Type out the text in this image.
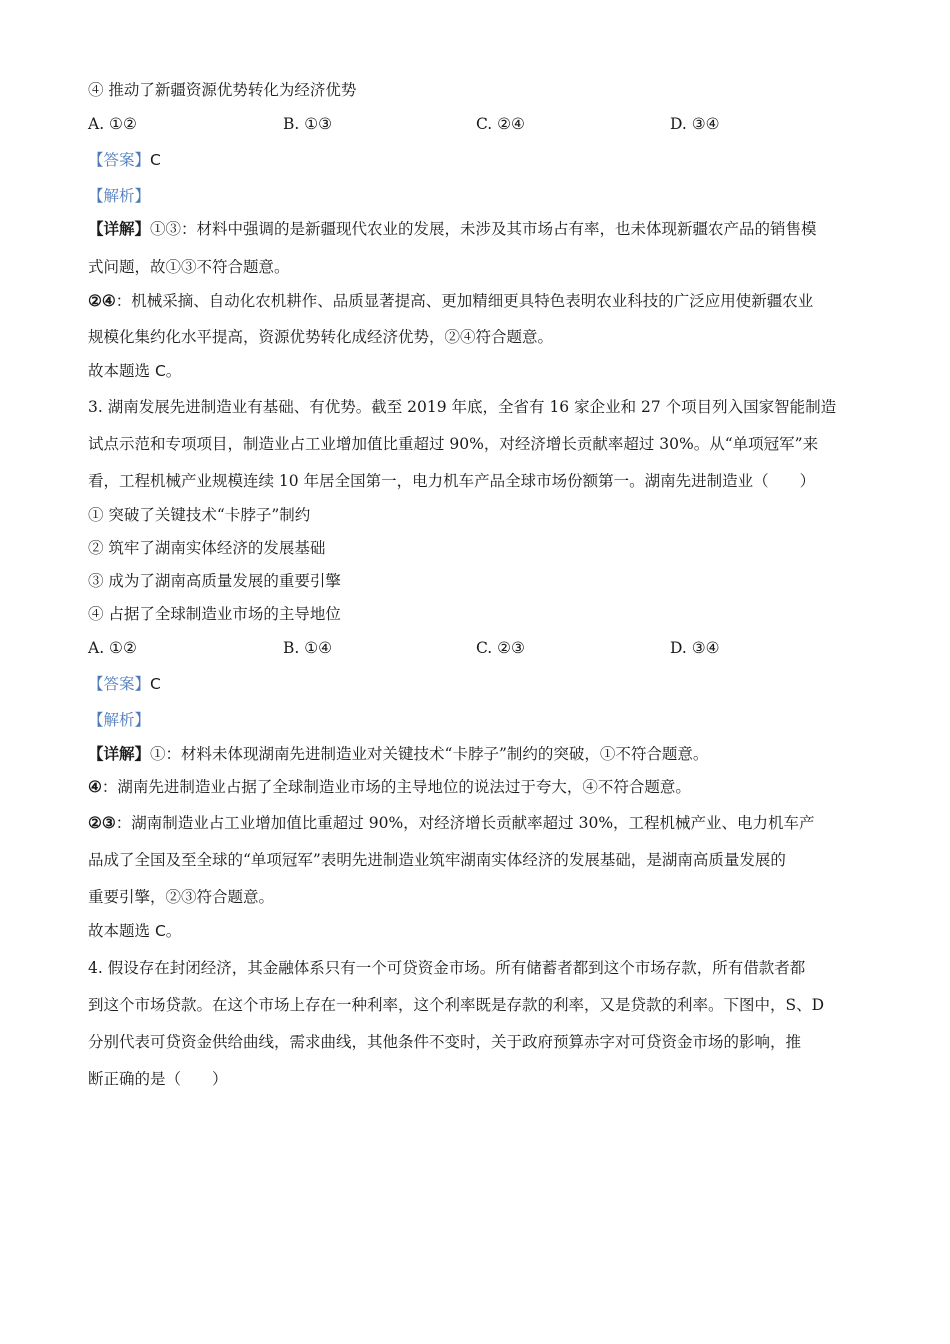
④ 推动了新疆资源优势转化为经济优势
A. ①②	B. ①③	C. ②④	D. ③④
【答案】C
【解析】
【详解】①③：材料中强调的是新疆现代农业的发展，未涉及其市场占有率，也未体现新疆农产品的销售模
式问题，故①③不符合题意。
②④：机械采摘、自动化农机耕作、品质显著提高、更加精细更具特色表明农业科技的广泛应用使新疆农业
规模化集约化水平提高，资源优势转化成经济优势，②④符合题意。
故本题选 C。
3. 湖南发展先进制造业有基础、有优势。截至 2019 年底，全省有 16 家企业和 27 个项目列入国家智能制造
试点示范和专项项目，制造业占工业增加值比重超过 90%，对经济增长贡献率超过 30%。从“单项冠军”来
看，工程机械产业规模连续 10 年居全国第一，电力机车产品全球市场份额第一。湖南先进制造业（　　）
① 突破了关键技术“卡脖子”制约
② 筑牢了湖南实体经济的发展基础
③ 成为了湖南高质量发展的重要引擎
④ 占据了全球制造业市场的主导地位
A. ①②	B. ①④	C. ②③	D. ③④
【答案】C
【解析】
【详解】①：材料未体现湖南先进制造业对关键技术“卡脖子”制约的突破，①不符合题意。
④：湖南先进制造业占据了全球制造业市场的主导地位的说法过于夸大，④不符合题意。
②③：湖南制造业占工业增加值比重超过 90%，对经济增长贡献率超过 30%，工程机械产业、电力机车产
品成了全国及至全球的“单项冠军”表明先进制造业筑牢湖南实体经济的发展基础，是湖南高质量发展的
重要引擎，②③符合题意。
故本题选 C。
4. 假设存在封闭经济，其金融体系只有一个可贷资金市场。所有储蓄者都到这个市场存款，所有借款者都
到这个市场贷款。在这个市场上存在一种利率，这个利率既是存款的利率，又是贷款的利率。下图中，S、D
分别代表可贷资金供给曲线，需求曲线，其他条件不变时，关于政府预算赤字对可贷资金市场的影响，推
断正确的是（　　）
